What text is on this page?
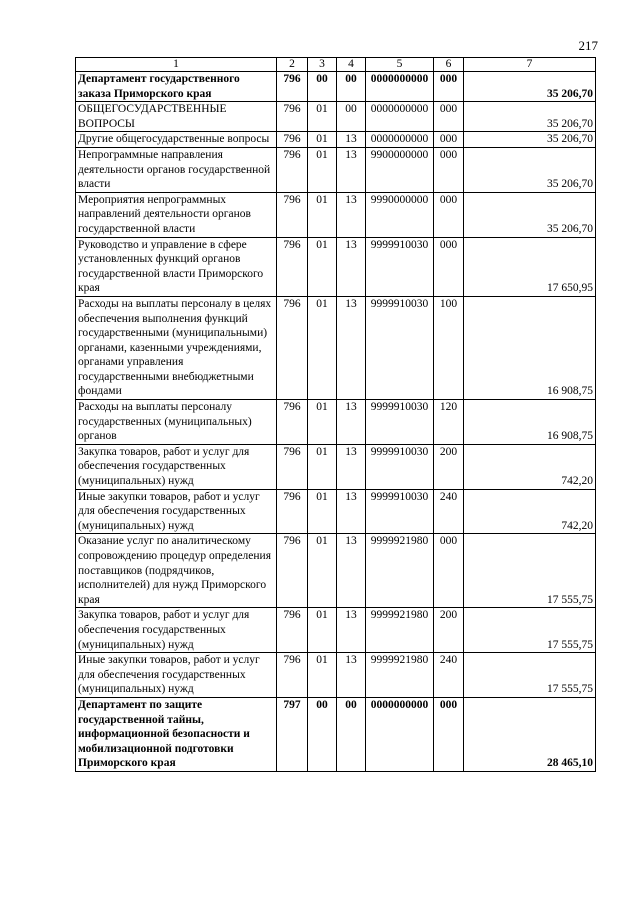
217
1	2	3	4	5	6	7
Департамент государственного заказа Приморского края	796	00	00	0000000000	000	35 206,70
ОБЩЕГОСУДАРСТВЕННЫЕ ВОПРОСЫ	796	01	00	0000000000	000	35 206,70
Другие общегосударственные вопросы	796	01	13	0000000000	000	35 206,70
Непрограммные направления деятельности органов государственной власти	796	01	13	9900000000	000	35 206,70
Мероприятия непрограммных направлений деятельности органов государственной власти	796	01	13	9990000000	000	35 206,70
Руководство и управление в сфере установленных функций органов государственной власти Приморского края	796	01	13	9999910030	000	17 650,95
Расходы на выплаты персоналу в целях обеспечения выполнения функций государственными (муниципальными) органами, казенными учреждениями, органами управления государственными внебюджетными фондами	796	01	13	9999910030	100	16 908,75
Расходы на выплаты персоналу государственных (муниципальных) органов	796	01	13	9999910030	120	16 908,75
Закупка товаров, работ и услуг для обеспечения государственных (муниципальных) нужд	796	01	13	9999910030	200	742,20
Иные закупки товаров, работ и услуг для обеспечения государственных (муниципальных) нужд	796	01	13	9999910030	240	742,20
Оказание услуг по аналитическому сопровождению процедур определения поставщиков (подрядчиков, исполнителей) для нужд Приморского края	796	01	13	9999921980	000	17 555,75
Закупка товаров, работ и услуг для обеспечения государственных (муниципальных) нужд	796	01	13	9999921980	200	17 555,75
Иные закупки товаров, работ и услуг для обеспечения государственных (муниципальных) нужд	796	01	13	9999921980	240	17 555,75
Департамент по защите государственной тайны, информационной безопасности и мобилизационной подготовки Приморского края	797	00	00	0000000000	000	28 465,10
